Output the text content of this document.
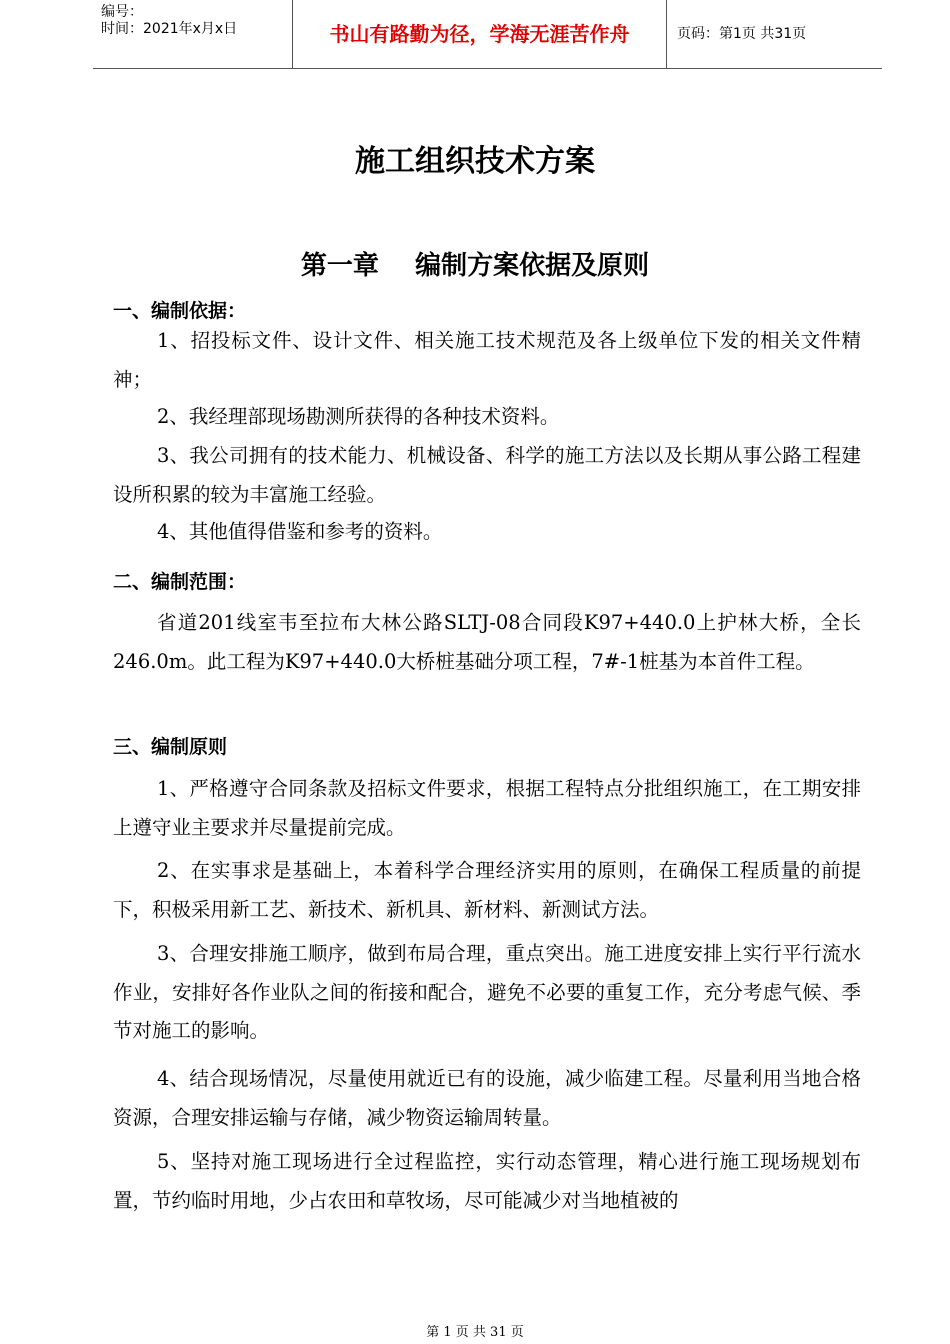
编号：
时间：2021年x月x日	书山有路勤为径，学海无涯苦作舟	页码：第1页 共31页
施工组织技术方案
第一章    编制方案依据及原则
一、编制依据：
1、招投标文件、设计文件、相关施工技术规范及各上级单位下发的相关文件精神；
2、我经理部现场勘测所获得的各种技术资料。
3、我公司拥有的技术能力、机械设备、科学的施工方法以及长期从事公路工程建设所积累的较为丰富施工经验。
4、其他值得借鉴和参考的资料。
二、编制范围：
省道201线室韦至拉布大林公路SLTJ-08合同段K97+440.0上护林大桥，全长246.0m。此工程为K97+440.0大桥桩基础分项工程，7#-1桩基为本首件工程。
三、编制原则
1、严格遵守合同条款及招标文件要求，根据工程特点分批组织施工，在工期安排上遵守业主要求并尽量提前完成。
2、在实事求是基础上，本着科学合理经济实用的原则，在确保工程质量的前提下，积极采用新工艺、新技术、新机具、新材料、新测试方法。
3、合理安排施工顺序，做到布局合理，重点突出。施工进度安排上实行平行流水作业，安排好各作业队之间的衔接和配合，避免不必要的重复工作，充分考虑气候、季节对施工的影响。
4、结合现场情况，尽量使用就近已有的设施，减少临建工程。尽量利用当地合格资源，合理安排运输与存储，减少物资运输周转量。
5、坚持对施工现场进行全过程监控，实行动态管理，精心进行施工现场规划布置，节约临时用地，少占农田和草牧场，尽可能减少对当地植被的
第 1 页 共 31 页
